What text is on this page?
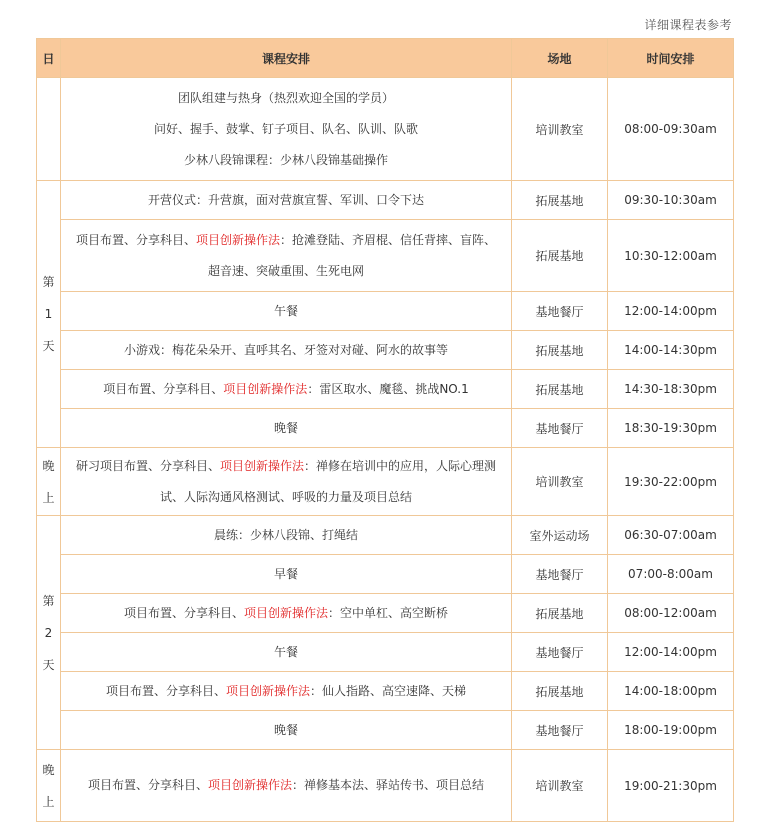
详细课程表参考
日	课程安排	场地	时间安排

	团队组建与热身（热烈欢迎全国的学员）
问好、握手、鼓掌、钉子项目、队名、队训、队歌
少林八段锦课程：少林八段锦基础操作	培训教室	08:00-09:30am
第
1
天	开营仪式：升营旗，面对营旗宣誓、军训、口令下达	拓展基地	09:30-10:30am

	项目布置、分享科目、项目创新操作法：抢滩登陆、齐眉棍、信任背摔、盲阵、
超音速、突破重围、生死电网	拓展基地	10:30-12:00am

	午餐	基地餐厅	12:00-14:00pm

	小游戏：梅花朵朵开、直呼其名、牙签对对碰、阿水的故事等	拓展基地	14:00-14:30pm

	项目布置、分享科目、项目创新操作法：雷区取水、魔毯、挑战NO.1	拓展基地	14:30-18:30pm

	晚餐	基地餐厅	18:30-19:30pm
晚
上	研习项目布置、分享科目、项目创新操作法：禅修在培训中的应用，人际心理测
试、人际沟通风格测试、呼吸的力量及项目总结	培训教室	19:30-22:00pm
第
2
天	晨练：少林八段锦、打绳结	室外运动场	06:30-07:00am

	早餐	基地餐厅	07:00-8:00am

	项目布置、分享科目、项目创新操作法：空中单杠、高空断桥	拓展基地	08:00-12:00am

	午餐	基地餐厅	12:00-14:00pm

	项目布置、分享科目、项目创新操作法：仙人指路、高空速降、天梯	拓展基地	14:00-18:00pm

	晚餐	基地餐厅	18:00-19:00pm
晚
上	项目布置、分享科目、项目创新操作法：禅修基本法、驿站传书、项目总结	培训教室	19:00-21:30pm
